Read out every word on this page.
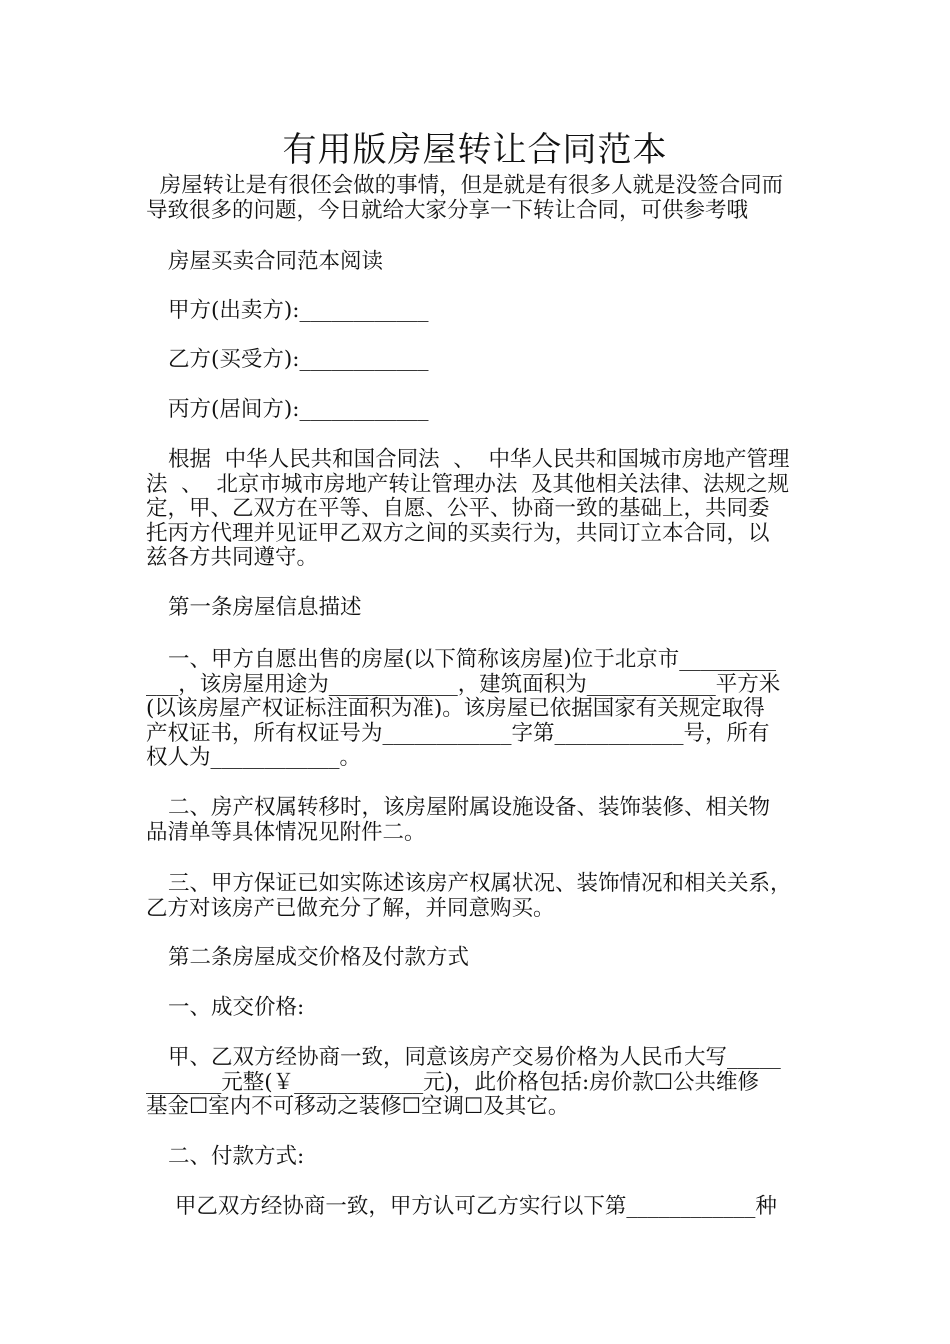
有用版房屋转让合同范本
房屋转让是有很伾会做的事情，但是就是有很多人就是没签合同而
导致很多的问题，今日就给大家分享一下转让合同，可供参考哦
房屋买卖合同范本阅读
甲方(出卖方):____________
乙方(买受方):____________
丙方(居间方):____________
根据  中华人民共和国合同法  、  中华人民共和国城市房地产管理
法  、  北京市城市房地产转让管理办法  及其他相关法律、法规之规
定，甲、乙双方在平等、自愿、公平、协商一致的基础上，共同委
托丙方代理并见证甲乙双方之间的买卖行为，共同订立本合同，以
兹各方共同遵守。
第一条房屋信息描述
一、甲方自愿出售的房屋(以下简称该房屋)位于北京市_________
___，该房屋用途为____________，建筑面积为____________平方米
(以该房屋产权证标注面积为准)。该房屋已依据国家有关规定取得
产权证书，所有权证号为____________字第____________号，所有
权人为____________。
二、房产权属转移时，该房屋附属设施设备、装饰装修、相关物
品清单等具体情况见附件二。
三、甲方保证已如实陈述该房产权属状况、装饰情况和相关关系，
乙方对该房产已做充分了解，并同意购买。
第二条房屋成交价格及付款方式
一、成交价格:
甲、乙双方经协商一致，同意该房产交易价格为人民币大写_____
_______元整(￥____________元)，此价格包括:房价款☐公共维修
基金☐室内不可移动之装修☐空调☐及其它。
二、付款方式:
甲乙双方经协商一致，甲方认可乙方实行以下第____________种
